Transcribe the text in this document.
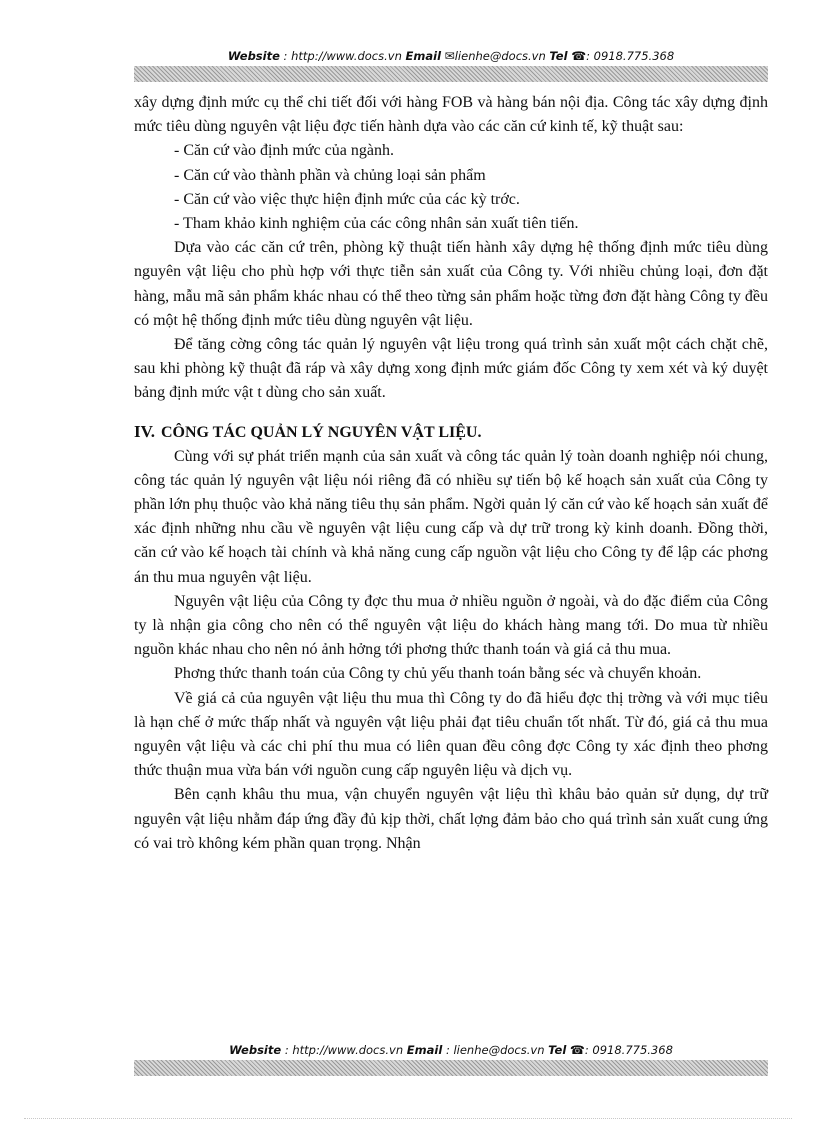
Website : http://www.docs.vn Email ✉lienhe@docs.vn Tel ☎: 0918.775.368

xây dựng định mức cụ thể chi tiết đối với hàng FOB và hàng bán nội địa. Công tác xây dựng định mức tiêu dùng nguyên vật liệu đợc tiến hành dựa vào các căn cứ kinh tế, kỹ thuật sau:

- Căn cứ vào định mức của ngành.

- Căn cứ vào thành phần và chủng loại sản phẩm

- Căn cứ vào việc thực hiện định mức của các kỳ trớc.

- Tham khảo kinh nghiệm của các công nhân sản xuất tiên tiến.

Dựa vào các căn cứ trên, phòng kỹ thuật tiến hành xây dựng hệ thống định mức tiêu dùng nguyên vật liệu cho phù hợp với thực tiễn sản xuất của Công ty. Với nhiều chủng loại, đơn đặt hàng, mẫu mã sản phẩm khác nhau có thể theo từng sản phẩm hoặc từng đơn đặt hàng Công ty đều có một hệ thống định mức tiêu dùng nguyên vật liệu.

Để tăng cờng công tác quản lý nguyên vật liệu trong quá trình sản xuất một cách chặt chẽ, sau khi phòng kỹ thuật đã ráp và xây dựng xong định mức giám đốc Công ty xem xét và ký duyệt bảng định mức vật t dùng cho sản xuất.

IV. CÔNG TÁC QUẢN LÝ NGUYÊN VẬT LIỆU.

Cùng với sự phát triển mạnh của sản xuất và công tác quản lý toàn doanh nghiệp nói chung, công tác quản lý nguyên vật liệu nói riêng đã có nhiều sự tiến bộ kế hoạch sản xuất của Công ty phần lớn phụ thuộc vào khả năng tiêu thụ sản phẩm. Ngời quản lý căn cứ vào kế hoạch sản xuất để xác định những nhu cầu về nguyên vật liệu cung cấp và dự trữ trong kỳ kinh doanh. Đồng thời, căn cứ vào kế hoạch tài chính và khả năng cung cấp nguồn vật liệu cho Công ty để lập các phơng án thu mua nguyên vật liệu.

Nguyên vật liệu của Công ty đợc thu mua ở nhiều nguồn ở ngoài, và do đặc điểm của Công ty là nhận gia công cho nên có thể nguyên vật liệu do khách hàng mang tới. Do mua từ nhiều nguồn khác nhau cho nên nó ảnh hởng tới phơng thức thanh toán và giá cả thu mua.

Phơng thức thanh toán của Công ty chủ yếu thanh toán bằng séc và chuyển khoản.

Về giá cả của nguyên vật liệu thu mua thì Công ty do đã hiểu đợc thị trờng và với mục tiêu là hạn chế ở mức thấp nhất và nguyên vật liệu phải đạt tiêu chuẩn tốt nhất. Từ đó, giá cả thu mua nguyên vật liệu và các chi phí thu mua có liên quan đều công đợc Công ty xác định theo phơng thức thuận mua vừa bán với nguồn cung cấp nguyên liệu và dịch vụ.

Bên cạnh khâu thu mua, vận chuyển nguyên vật liệu thì khâu bảo quản sử dụng, dự trữ nguyên vật liệu nhằm đáp ứng đầy đủ kịp thời, chất lợng đảm bảo cho quá trình sản xuất cung ứng có vai trò không kém phần quan trọng. Nhận

Website : http://www.docs.vn Email : lienhe@docs.vn Tel ☎: 0918.775.368
